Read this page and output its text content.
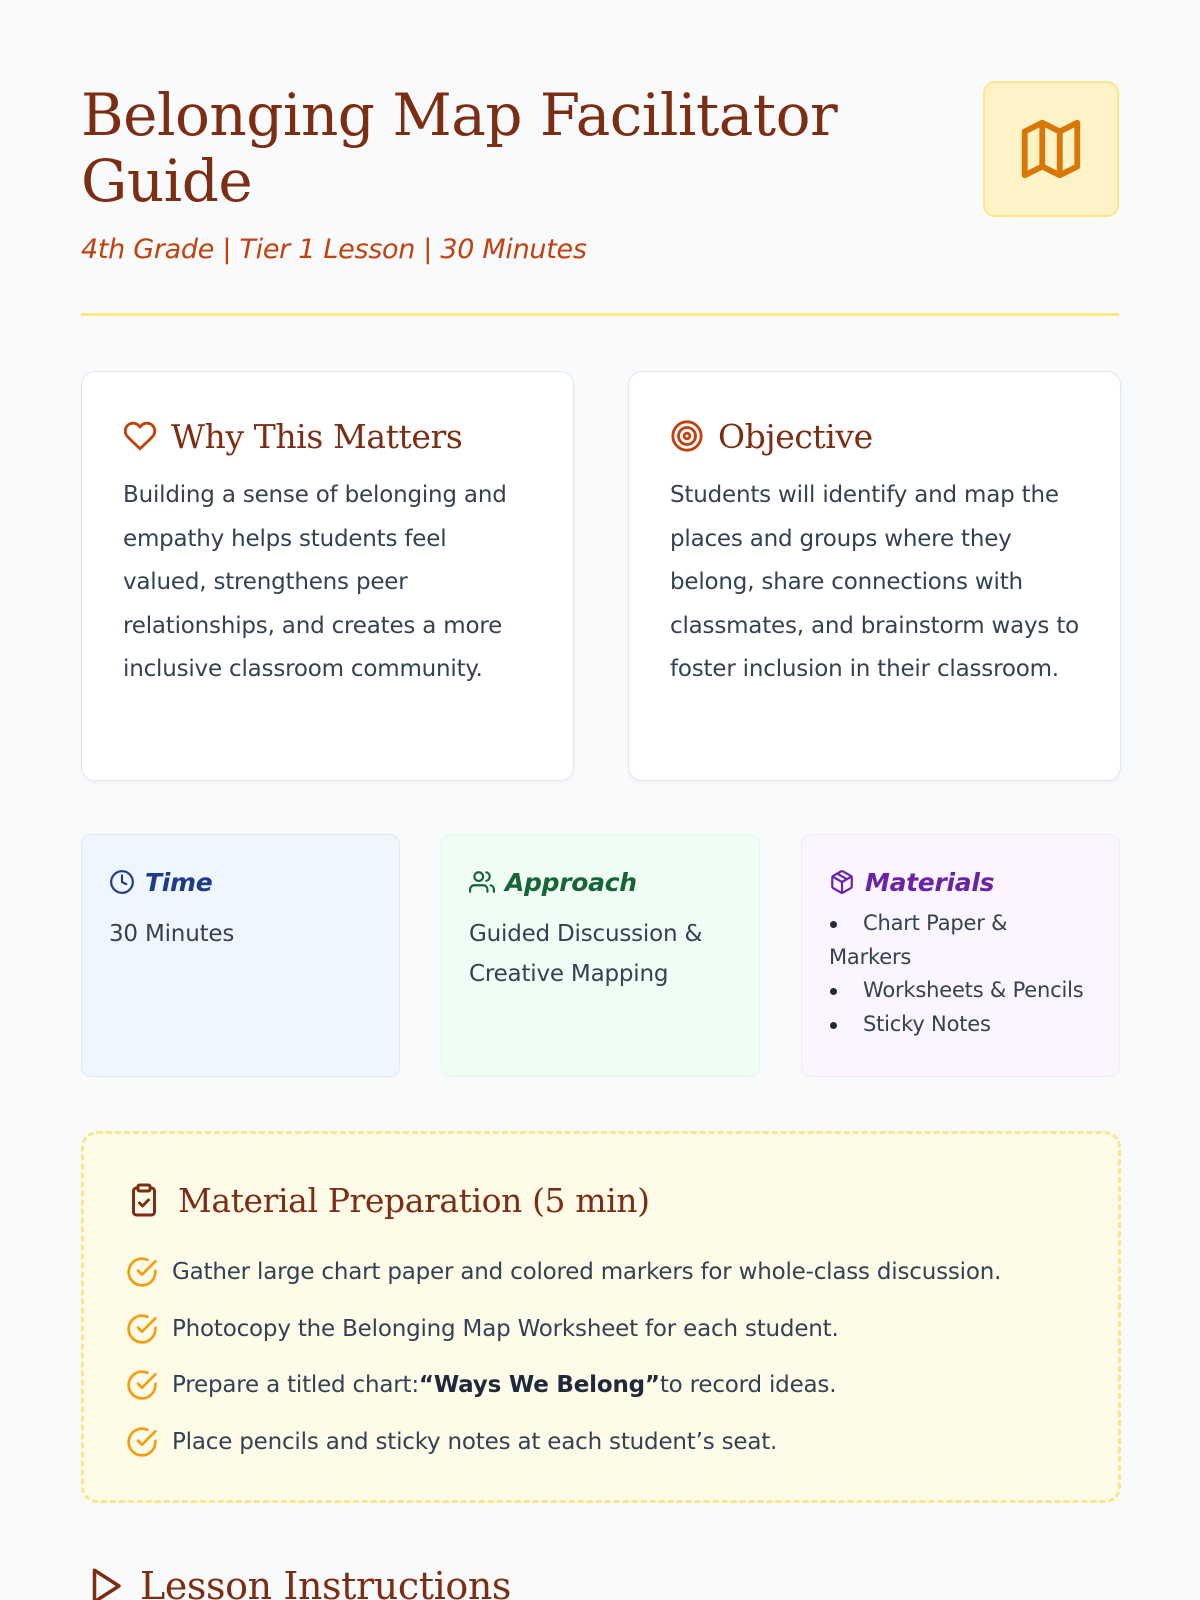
Belonging Map Facilitator Guide
4th Grade | Tier 1 Lesson | 30 Minutes
Why This Matters

Building a sense of belonging and empathy helps students feel valued, strengthens peer relationships, and creates a more inclusive classroom community.

Objective

Students will identify and map the places and groups where they belong, share connections with classmates, and brainstorm ways to foster inclusion in their classroom.

Time
30 Minutes
Approach
Guided Discussion & Creative Mapping
Materials
Chart Paper & Markers
Worksheets & Pencils
Sticky Notes
Material Preparation (5 min)
Gather large chart paper and colored markers for whole-class discussion.
Photocopy the Belonging Map Worksheet for each student.
Prepare a titled chart:“Ways We Belong”to record ideas.
Place pencils and sticky notes at each student’s seat.
Lesson Instructions
